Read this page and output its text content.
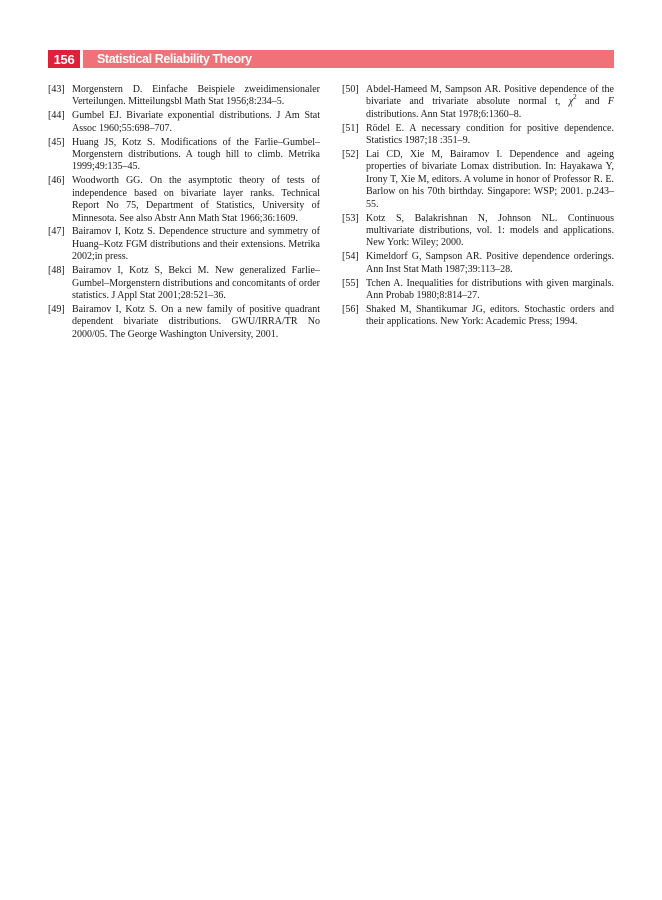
156	Statistical Reliability Theory
[43] Morgenstern D. Einfache Beispiele zweidimensionaler Verteilungen. Mitteilungsbl Math Stat 1956;8:234–5.
[44] Gumbel EJ. Bivariate exponential distributions. J Am Stat Assoc 1960;55:698–707.
[45] Huang JS, Kotz S. Modifications of the Farlie–Gumbel–Morgenstern distributions. A tough hill to climb. Metrika 1999;49:135–45.
[46] Woodworth GG. On the asymptotic theory of tests of independence based on bivariate layer ranks. Technical Report No 75, Department of Statistics, University of Minnesota. See also Abstr Ann Math Stat 1966;36:1609.
[47] Bairamov I, Kotz S. Dependence structure and symmetry of Huang–Kotz FGM distributions and their extensions. Metrika 2002;in press.
[48] Bairamov I, Kotz S, Bekci M. New generalized Farlie–Gumbel–Morgenstern distributions and concomitants of order statistics. J Appl Stat 2001;28:521–36.
[49] Bairamov I, Kotz S. On a new family of positive quadrant dependent bivariate distributions. GWU/IRRA/TR No 2000/05. The George Washington University, 2001.
[50] Abdel-Hameed M, Sampson AR. Positive dependence of the bivariate and trivariate absolute normal t, $\chi^2$ and F distributions. Ann Stat 1978;6:1360–8.
[51] Rödel E. A necessary condition for positive dependence. Statistics 1987;18 :351–9.
[52] Lai CD, Xie M, Bairamov I. Dependence and ageing properties of bivariate Lomax distribution. In: Hayakawa Y, Irony T, Xie M, editors. A volume in honor of Professor R. E. Barlow on his 70th birthday. Singapore: WSP; 2001. p.243–55.
[53] Kotz S, Balakrishnan N, Johnson NL. Continuous multivariate distributions, vol. 1: models and applications. New York: Wiley; 2000.
[54] Kimeldorf G, Sampson AR. Positive dependence orderings. Ann Inst Stat Math 1987;39:113–28.
[55] Tchen A. Inequalities for distributions with given marginals. Ann Probab 1980;8:814–27.
[56] Shaked M, Shantikumar JG, editors. Stochastic orders and their applications. New York: Academic Press; 1994.
